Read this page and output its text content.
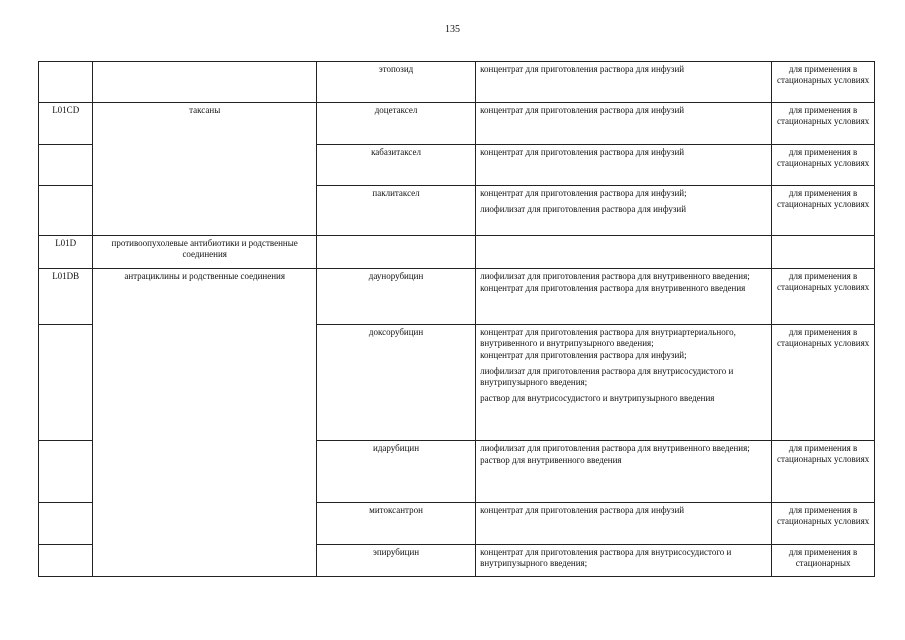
135
		этопозид	концентрат для приготовления раствора для инфузий	для применения в стационарных условиях
L01CD	таксаны	доцетаксел	концентрат для приготовления раствора для инфузий	для применения в стационарных условиях
		кабазитаксел	концентрат для приготовления раствора для инфузий	для применения в стационарных условиях
		паклитаксел	концентрат для приготовления раствора для инфузий;
лиофилизат для приготовления раствора для инфузий	для применения в стационарных условиях
L01D	противоопухолевые антибиотики и родственные соединения			
L01DB	антрациклины и родственные соединения	даунорубицин	лиофилизат для приготовления раствора для внутривенного введения;
концентрат для приготовления раствора для внутривенного введения	для применения в стационарных условиях
		доксорубицин	концентрат для приготовления раствора для внутриартериального, внутривенного и внутрипузырного введения;
концентрат для приготовления раствора для инфузий;
лиофилизат для приготовления раствора для внутрисосудистого и внутрипузырного введения;
раствор для внутрисосудистого и внутрипузырного введения	для применения в стационарных условиях
		идарубицин	лиофилизат для приготовления раствора для внутривенного введения;
раствор для внутривенного введения	для применения в стационарных условиях
		митоксантрон	концентрат для приготовления раствора для инфузий	для применения в стационарных условиях
		эпирубицин	концентрат для приготовления раствора для внутрисосудистого и внутрипузырного введения;	для применения в стационарных
